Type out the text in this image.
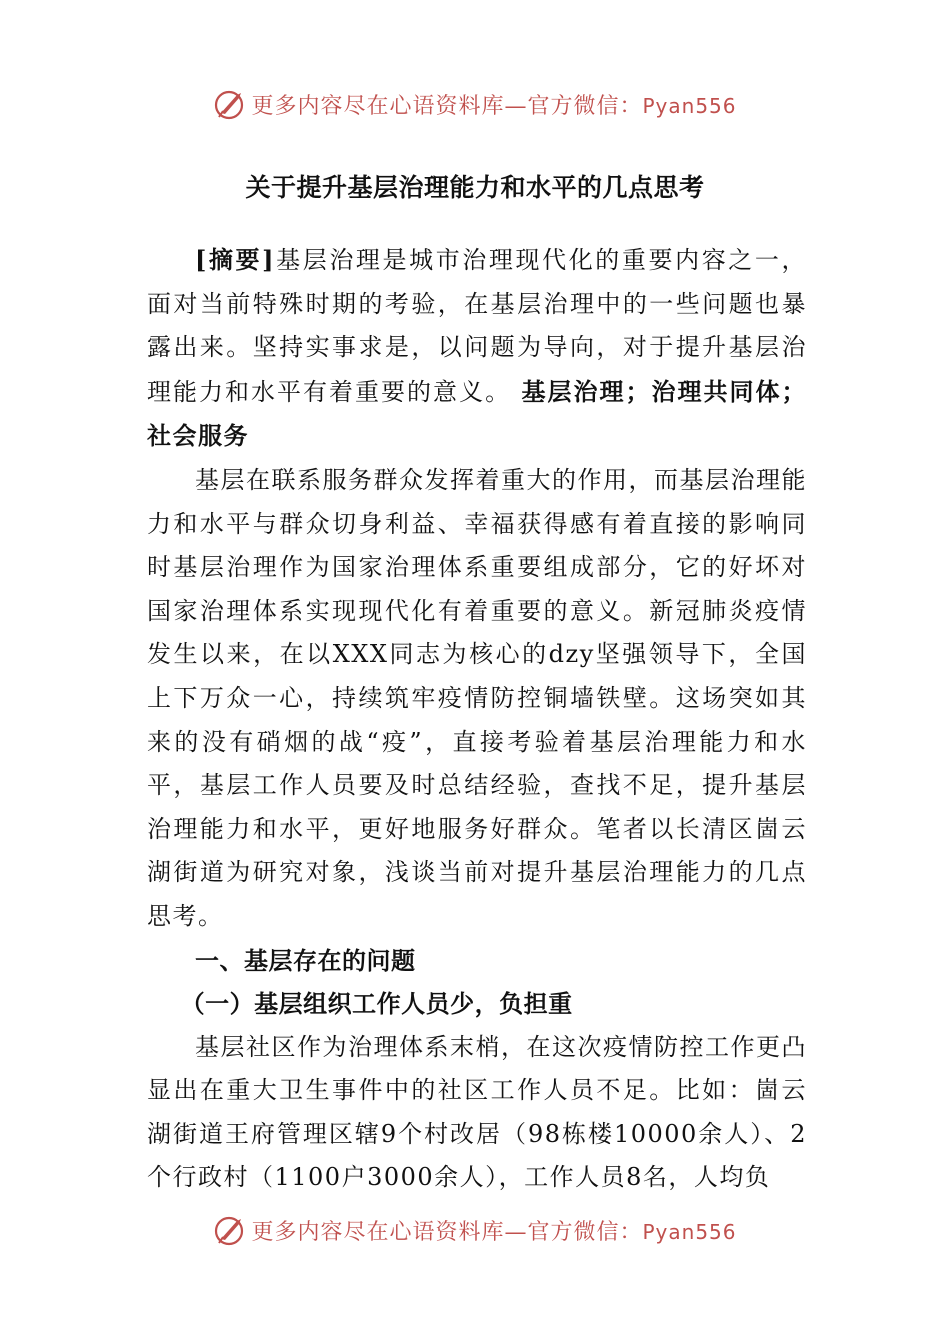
更多内容尽在心语资料库—官方微信：Pyan556
关于提升基层治理能力和水平的几点思考

[摘要]基层治理是城市治理现代化的重要内容之一，面对当前特殊时期的考验，在基层治理中的一些问题也暴露出来。坚持实事求是，以问题为导向，对于提升基层治理能力和水平有着重要的意义。 基层治理；治理共同体；社会服务

基层在联系服务群众发挥着重大的作用，而基层治理能力和水平与群众切身利益、幸福获得感有着直接的影响同时基层治理作为国家治理体系重要组成部分，它的好坏对国家治理体系实现现代化有着重要的意义。新冠肺炎疫情发生以来，在以XXX同志为核心的dzy坚强领导下，全国上下万众一心，持续筑牢疫情防控铜墙铁壁。这场突如其来的没有硝烟的战“疫”，直接考验着基层治理能力和水平，基层工作人员要及时总结经验，查找不足，提升基层治理能力和水平，更好地服务好群众。笔者以长清区崮云湖街道为研究对象，浅谈当前对提升基层治理能力的几点思考。

一、基层存在的问题

（一）基层组织工作人员少，负担重

基层社区作为治理体系末梢，在这次疫情防控工作更凸显出在重大卫生事件中的社区工作人员不足。比如：崮云湖街道王府管理区辖9个村改居（98栋楼10000余人）、2个行政村（1100户3000余人），工作人员8名，人均负

更多内容尽在心语资料库—官方微信：Pyan556
